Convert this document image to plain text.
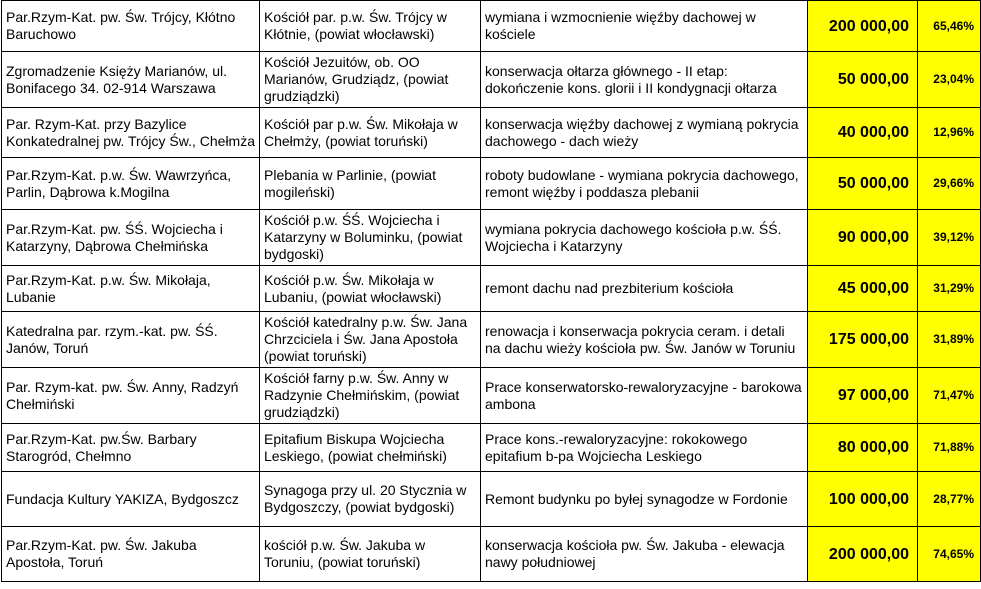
Par.Rzym-Kat. pw. Św. Trójcy, Kłótno Baruchowo	Kościół par. p.w. Św. Trójcy w Kłótnie, (powiat włocławski)	wymiana i wzmocnienie więźby dachowej w kościele	200 000,00	65,46%

Zgromadzenie Księży Marianów, ul. Bonifacego 34. 02-914 Warszawa	Kościół Jezuitów, ob. OO Marianów, Grudziądz, (powiat grudziądzki)	konserwacja ołtarza głównego - II etap: dokończenie kons. glorii i II kondygnacji ołtarza	50 000,00	23,04%

Par. Rzym-Kat. przy Bazylice Konkatedralnej pw. Trójcy Św., Chełmża	Kościół par p.w. Św. Mikołaja w Chełmży, (powiat toruński)	konserwacja więźby dachowej z wymianą pokrycia dachowego - dach wieży	40 000,00	12,96%

Par.Rzym-Kat. p.w. Św. Wawrzyńca, Parlin, Dąbrowa k.Mogilna	Plebania w Parlinie, (powiat mogileński)	roboty budowlane - wymiana pokrycia dachowego, remont więźby i poddasza plebanii	50 000,00	29,66%

Par.Rzym-Kat. pw. ŚŚ. Wojciecha i Katarzyny, Dąbrowa Chełmińska	Kościół p.w. ŚŚ. Wojciecha i Katarzyny w Boluminku, (powiat bydgoski)	wymiana pokrycia dachowego kościoła p.w. ŚŚ. Wojciecha i Katarzyny	90 000,00	39,12%

Par.Rzym-Kat. p.w. Św. Mikołaja, Lubanie	Kościół p.w. Św. Mikołaja w Lubaniu, (powiat włocławski)	remont dachu nad prezbiterium kościoła	45 000,00	31,29%

Katedralna par. rzym.-kat. pw. ŚŚ. Janów, Toruń	Kościół katedralny p.w. Św. Jana Chrzciciela i Św. Jana Apostoła (powiat toruński)	renowacja i konserwacja pokrycia ceram. i detali na dachu wieży kościoła pw. Św. Janów w Toruniu	175 000,00	31,89%

Par. Rzym-kat. pw. Św. Anny, Radzyń Chełmiński	Kościół farny p.w. Św. Anny w Radzynie Chełmińskim, (powiat grudziądzki)	Prace konserwatorsko-rewaloryzacyjne - barokowa ambona	97 000,00	71,47%

Par.Rzym-Kat. pw.Św. Barbary Starogród, Chełmno	Epitafium Biskupa Wojciecha Leskiego, (powiat chełmiński)	Prace kons.-rewaloryzacyjne: rokokowego epitafium b-pa Wojciecha Leskiego	80 000,00	71,88%

Fundacja Kultury YAKIZA, Bydgoszcz	Synagoga przy ul. 20 Stycznia w Bydgoszczy, (powiat bydgoski)	Remont budynku po byłej synagodze w Fordonie	100 000,00	28,77%

Par.Rzym-Kat. pw. Św. Jakuba Apostoła, Toruń	kościół p.w. Św. Jakuba w Toruniu, (powiat toruński)	konserwacja kościoła pw. Św. Jakuba - elewacja nawy południowej	200 000,00	74,65%
